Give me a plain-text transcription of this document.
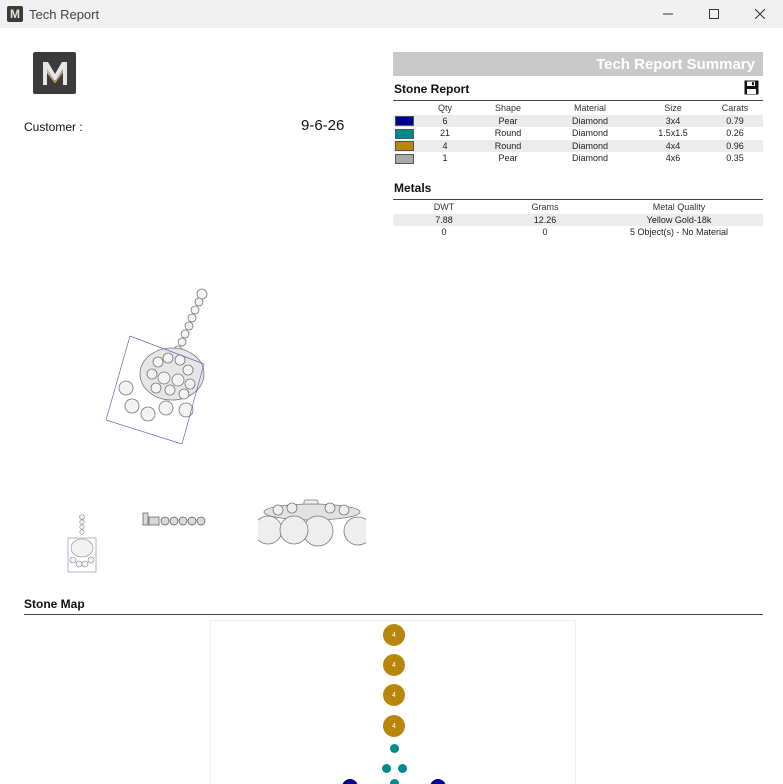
M Tech Report
Customer :	9-6-26
Tech Report Summary
Stone Report
	Qty	Shape	Material	Size	Carats
	6	Pear	Diamond	3x4	0.79
	21	Round	Diamond	1.5x1.5	0.26
	4	Round	Diamond	4x4	0.96
	1	Pear	Diamond	4x6	0.35
Metals
DWT	Grams	Metal Quality
7.88	12.26	Yellow Gold-18k
0	0	5 Object(s) - No Material
Stone Map
4
4
4
4
